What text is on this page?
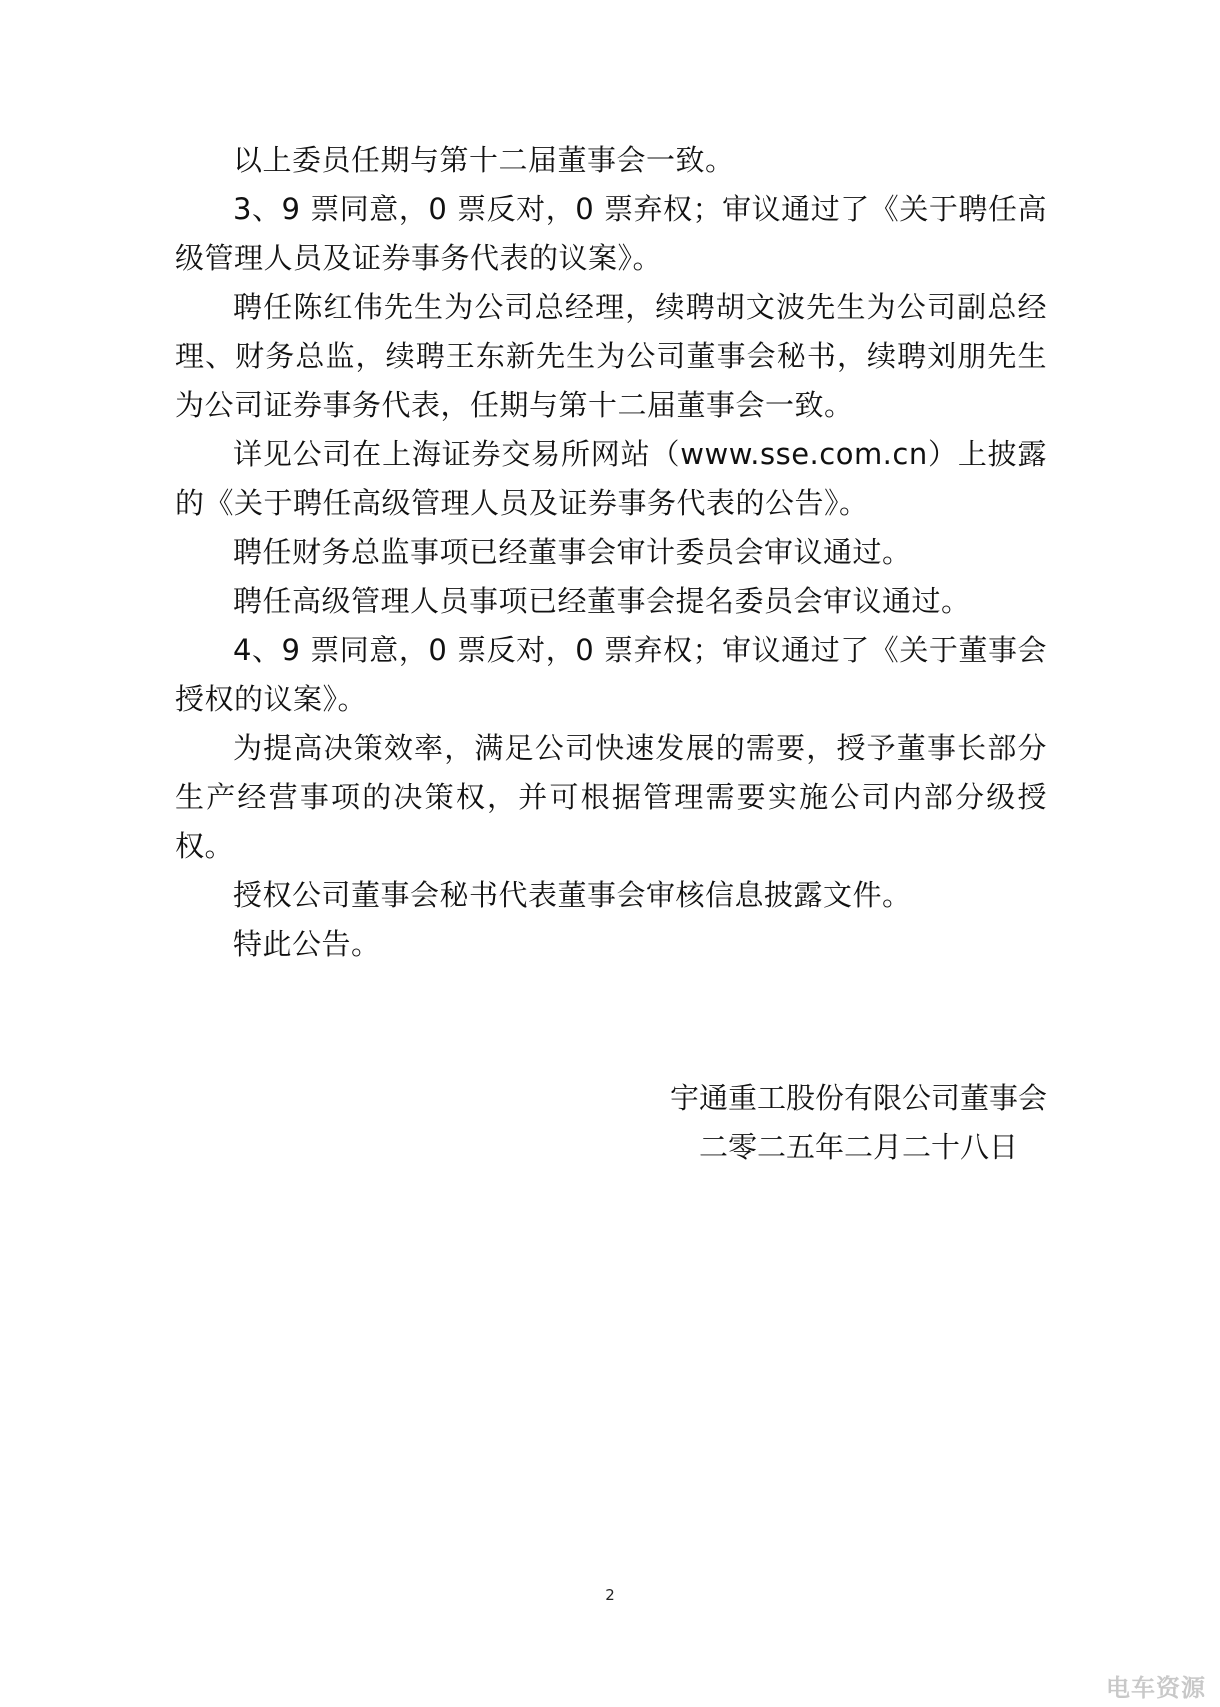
以上委员任期与第十二届董事会一致。

3、9 票同意，0 票反对，0 票弃权；审议通过了《关于聘任高级管理人员及证券事务代表的议案》。

聘任陈红伟先生为公司总经理，续聘胡文波先生为公司副总经理、财务总监，续聘王东新先生为公司董事会秘书，续聘刘朋先生为公司证券事务代表，任期与第十二届董事会一致。

详见公司在上海证券交易所网站（www.sse.com.cn）上披露的《关于聘任高级管理人员及证券事务代表的公告》。

聘任财务总监事项已经董事会审计委员会审议通过。

聘任高级管理人员事项已经董事会提名委员会审议通过。

4、9 票同意，0 票反对，0 票弃权；审议通过了《关于董事会授权的议案》。

为提高决策效率，满足公司快速发展的需要，授予董事长部分生产经营事项的决策权，并可根据管理需要实施公司内部分级授权。

授权公司董事会秘书代表董事会审核信息披露文件。

特此公告。

宇通重工股份有限公司董事会
二零二五年二月二十八日
2
电车资源
